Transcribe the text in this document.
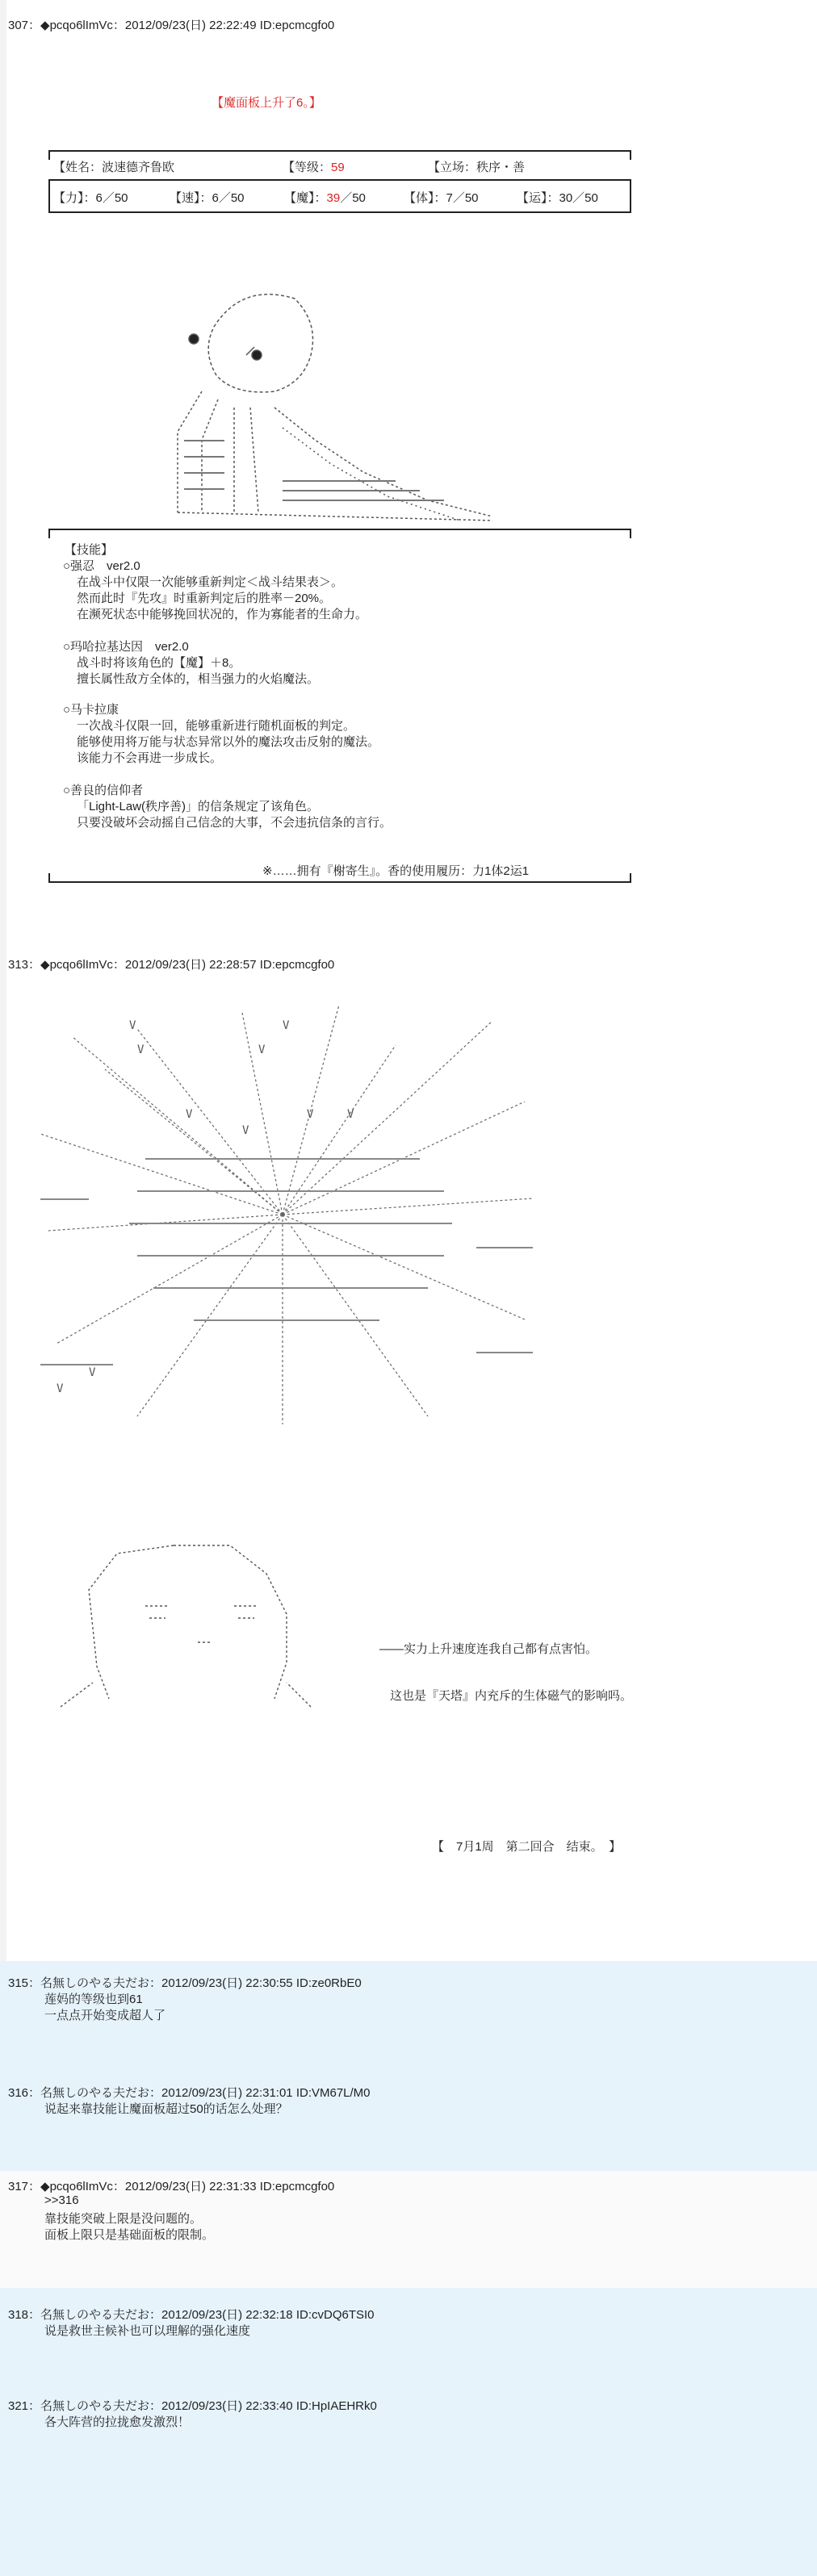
307：◆pcqo6lImVc：2012/09/23(日) 22:22:49 ID:epcmcgfo0
【魔面板上升了6。】
【姓名：波速德齐鲁欧	【等级：59	【立场：秩序・善
【力】：6／50	【速】：6／50	【魔】：39／50	【体】：7／50	【运】：30／50
【技能】
○强忍　ver2.0
在战斗中仅限一次能够重新判定＜战斗结果表＞。
然而此时『先攻』时重新判定后的胜率－20%。
在濒死状态中能够挽回状况的，作为寡能者的生命力。
○玛哈拉基达因　ver2.0
战斗时将该角色的【魔】＋8。
擅长属性敌方全体的，相当强力的火焰魔法。
○马卡拉康
一次战斗仅限一回，能够重新进行随机面板的判定。
能够使用将万能与状态异常以外的魔法攻击反射的魔法。
该能力不会再进一步成长。
○善良的信仰者
「Light-Law(秩序善)」的信条规定了该角色。
只要没破坏会动摇自己信念的大事，不会违抗信条的言行。
※……拥有『榭寄生』。香的使用履历：力1体2运1
313：◆pcqo6lImVc：2012/09/23(日) 22:28:57 ID:epcmcgfo0
V	V
V	V
V
V
V	V
V
V
——实力上升速度连我自己都有点害怕。
这也是『天塔』内充斥的生体磁气的影响吗。
【　7月1周　第二回合　结束。　】
315：名無しのやる夫だお：2012/09/23(日) 22:30:55 ID:ze0RbE0
莲妈的等级也到61
一点点开始变成超人了
316：名無しのやる夫だお：2012/09/23(日) 22:31:01 ID:VM67L/M0
说起来靠技能让魔面板超过50的话怎么处理？
317：◆pcqo6lImVc：2012/09/23(日) 22:31:33 ID:epcmcgfo0
>>316
靠技能突破上限是没问题的。
面板上限只是基础面板的限制。
318：名無しのやる夫だお：2012/09/23(日) 22:32:18 ID:cvDQ6TSI0
说是救世主候补也可以理解的强化速度
321：名無しのやる夫だお：2012/09/23(日) 22:33:40 ID:HpIAEHRk0
各大阵营的拉拢愈发激烈！
